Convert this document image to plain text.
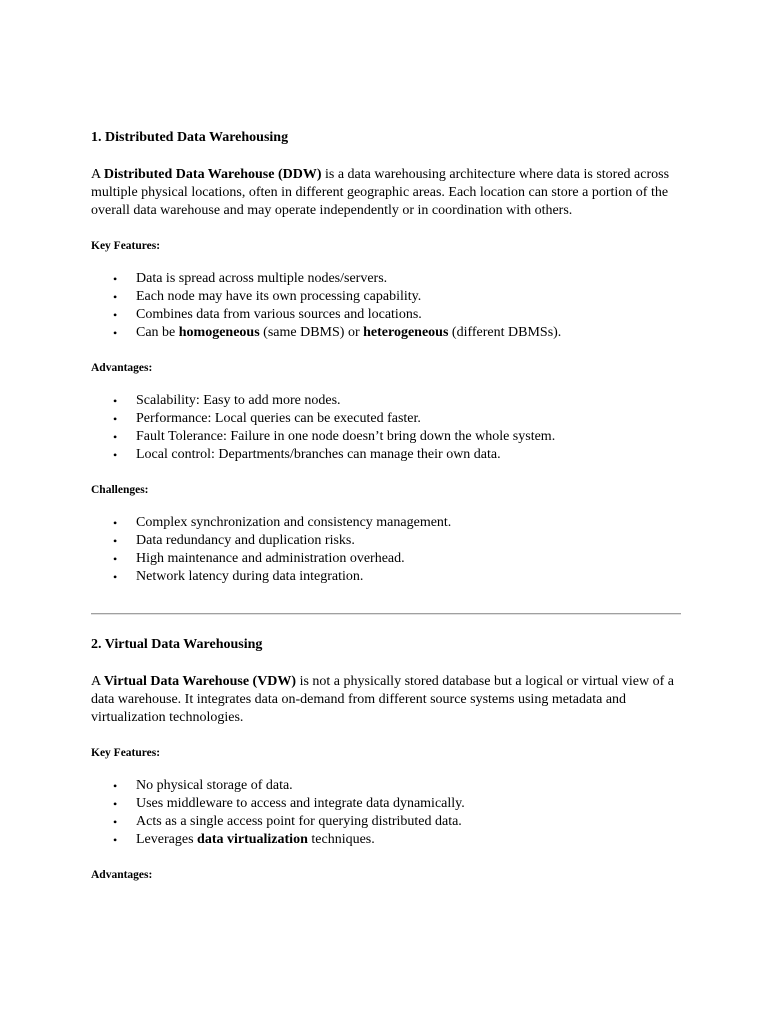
1. Distributed Data Warehousing

A Distributed Data Warehouse (DDW) is a data warehousing architecture where data is stored across multiple physical locations, often in different geographic areas. Each location can store a portion of the overall data warehouse and may operate independently or in coordination with others.

Key Features:
• Data is spread across multiple nodes/servers.
• Each node may have its own processing capability.
• Combines data from various sources and locations.
• Can be homogeneous (same DBMS) or heterogeneous (different DBMSs).
Advantages:
• Scalability: Easy to add more nodes.
• Performance: Local queries can be executed faster.
• Fault Tolerance: Failure in one node doesn’t bring down the whole system.
• Local control: Departments/branches can manage their own data.
Challenges:
• Complex synchronization and consistency management.
• Data redundancy and duplication risks.
• High maintenance and administration overhead.
• Network latency during data integration.
2. Virtual Data Warehousing

A Virtual Data Warehouse (VDW) is not a physically stored database but a logical or virtual view of a data warehouse. It integrates data on-demand from different source systems using metadata and virtualization technologies.

Key Features:
• No physical storage of data.
• Uses middleware to access and integrate data dynamically.
• Acts as a single access point for querying distributed data.
• Leverages data virtualization techniques.
Advantages:
